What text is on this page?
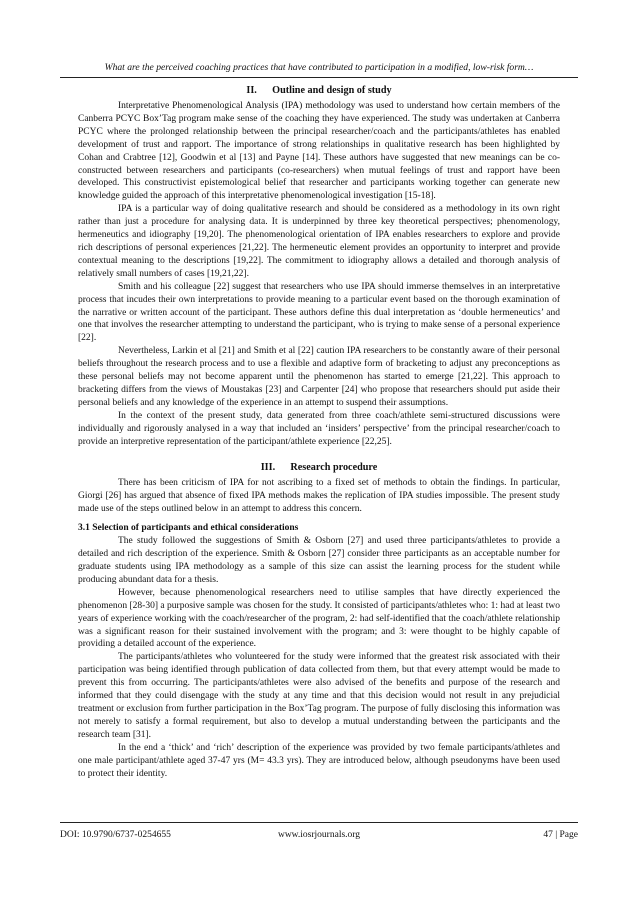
What are the perceived coaching practices that have contributed to participation in a modified, low-risk form…
II. Outline and design of study

Interpretative Phenomenological Analysis (IPA) methodology was used to understand how certain members of the Canberra PCYC Box’Tag program make sense of the coaching they have experienced. The study was undertaken at Canberra PCYC where the prolonged relationship between the principal researcher/coach and the participants/athletes has enabled development of trust and rapport. The importance of strong relationships in qualitative research has been highlighted by Cohan and Crabtree [12], Goodwin et al [13] and Payne [14]. These authors have suggested that new meanings can be co-constructed between researchers and participants (co-researchers) when mutual feelings of trust and rapport have been developed. This constructivist epistemological belief that researcher and participants working together can generate new knowledge guided the approach of this interpretative phenomenological investigation [15-18].

IPA is a particular way of doing qualitative research and should be considered as a methodology in its own right rather than just a procedure for analysing data. It is underpinned by three key theoretical perspectives; phenomenology, hermeneutics and idiography [19,20]. The phenomenological orientation of IPA enables researchers to explore and provide rich descriptions of personal experiences [21,22]. The hermeneutic element provides an opportunity to interpret and provide contextual meaning to the descriptions [19,22]. The commitment to idiography allows a detailed and thorough analysis of relatively small numbers of cases [19,21,22].

Smith and his colleague [22] suggest that researchers who use IPA should immerse themselves in an interpretative process that incudes their own interpretations to provide meaning to a particular event based on the thorough examination of the narrative or written account of the participant. These authors define this dual interpretation as ‘double hermeneutics’ and one that involves the researcher attempting to understand the participant, who is trying to make sense of a personal experience [22].

Nevertheless, Larkin et al [21] and Smith et al [22] caution IPA researchers to be constantly aware of their personal beliefs throughout the research process and to use a flexible and adaptive form of bracketing to adjust any preconceptions as these personal beliefs may not become apparent until the phenomenon has started to emerge [21,22]. This approach to bracketing differs from the views of Moustakas [23] and Carpenter [24] who propose that researchers should put aside their personal beliefs and any knowledge of the experience in an attempt to suspend their assumptions.

In the context of the present study, data generated from three coach/athlete semi-structured discussions were individually and rigorously analysed in a way that included an ‘insiders’ perspective’ from the principal researcher/coach to provide an interpretive representation of the participant/athlete experience [22,25].

III. Research procedure

There has been criticism of IPA for not ascribing to a fixed set of methods to obtain the findings. In particular, Giorgi [26] has argued that absence of fixed IPA methods makes the replication of IPA studies impossible. The present study made use of the steps outlined below in an attempt to address this concern.

3.1 Selection of participants and ethical considerations

The study followed the suggestions of Smith & Osborn [27] and used three participants/athletes to provide a detailed and rich description of the experience. Smith & Osborn [27] consider three participants as an acceptable number for graduate students using IPA methodology as a sample of this size can assist the learning process for the student while producing abundant data for a thesis.

However, because phenomenological researchers need to utilise samples that have directly experienced the phenomenon [28-30] a purposive sample was chosen for the study. It consisted of participants/athletes who: 1: had at least two years of experience working with the coach/researcher of the program, 2: had self-identified that the coach/athlete relationship was a significant reason for their sustained involvement with the program; and 3: were thought to be highly capable of providing a detailed account of the experience.

The participants/athletes who volunteered for the study were informed that the greatest risk associated with their participation was being identified through publication of data collected from them, but that every attempt would be made to prevent this from occurring. The participants/athletes were also advised of the benefits and purpose of the research and informed that they could disengage with the study at any time and that this decision would not result in any prejudicial treatment or exclusion from further participation in the Box’Tag program. The purpose of fully disclosing this information was not merely to satisfy a formal requirement, but also to develop a mutual understanding between the participants and the research team [31].

In the end a ‘thick’ and ‘rich’ description of the experience was provided by two female participants/athletes and one male participant/athlete aged 37-47 yrs (M= 43.3 yrs). They are introduced below, although pseudonyms have been used to protect their identity.

DOI: 10.9790/6737-0254655	www.iosrjournals.org	47 | Page
